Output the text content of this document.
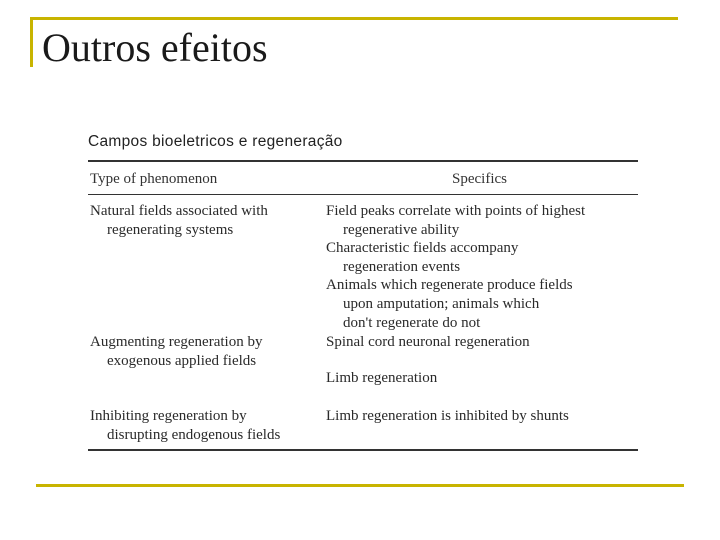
Outros efeitos
Campos bioeletricos e regeneração
Type of phenomenon	Specifics
Natural fields associated with
regenerating systems
Field peaks correlate with points of highest
regenerative ability
Characteristic fields accompany
regeneration events
Animals which regenerate produce fields
upon amputation; animals which
don't regenerate do not
Augmenting regeneration by
exogenous applied fields
Spinal cord neuronal regeneration
Limb regeneration
Inhibiting regeneration by
disrupting endogenous fields
Limb regeneration is inhibited by shunts
